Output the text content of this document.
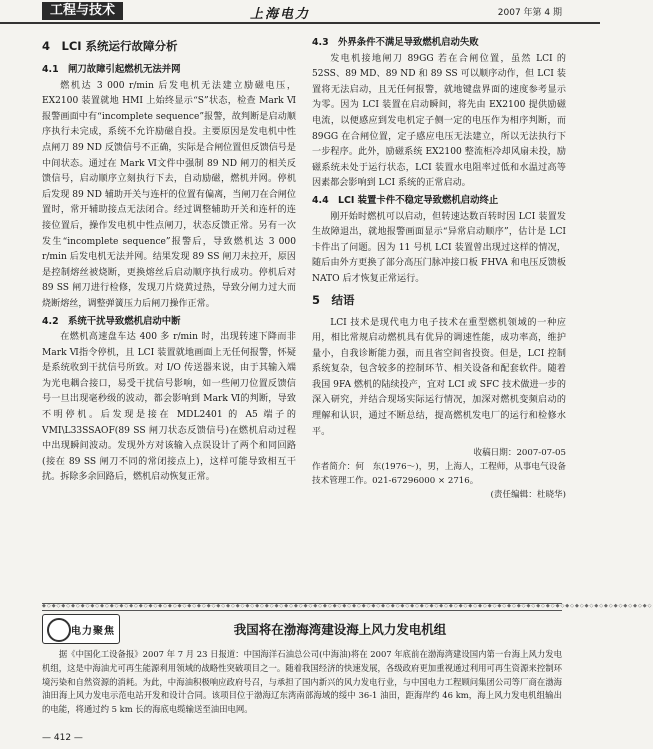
工程与技术	上海电力	2007 年第 4 期
4　LCI 系统运行故障分析
4.1　闸刀故障引起燃机无法并网

燃机达 3 000 r/min 后发电机无法建立励磁电压，EX2100 装置就地 HMI 上始终显示“S”状态，检查 Mark Ⅵ报警画面中有“incomplete sequence”报警，故判断是启动顺序执行未完成，系统不允许励磁自投。主要原因是发电机中性点闸刀 89 ND 反馈信号不正确，实际是合闸位置但反馈信号是中间状态。通过在 Mark Ⅵ文件中强制 89 ND 闸刀的相关反馈信号，启动顺序立刻执行下去，自动励磁，燃机并网。停机后发现 89 ND 辅助开关与连杆的位置有偏离，当闸刀在合闸位置时，常开辅助接点无法闭合。经过调整辅助开关和连杆的连接位置后，操作发电机中性点闸刀，状态反馈正常。另有一次发生“incomplete sequence”报警后，导致燃机达 3 000 r/min 后发电机无法并网。结果发现 89 SS 闸刀未拉开，原因是控制熔丝被烧断，更换熔丝后启动顺序执行成功。停机后对 89 SS 闸刀进行检修，发现刀片烧黄过热，导致分闸力过大而烧断熔丝，调整弹簧压力后闸刀操作正常。

4.2　系统干扰导致燃机启动中断

在燃机高速盘车达 400 多 r/min 时，出现转速下降而非 Mark Ⅵ指令停机，且 LCI 装置就地画面上无任何报警，怀疑是系统收到干扰信号所致。对 I/O 传送器来说，由于其输入端为光电耦合接口，易受干扰信号影响，如一些闸刀位置反馈信号一旦出现毫秒级的波动，都会影响到 Mark Ⅵ的判断，导致不明停机。后发现是接在 MDL2401 的 A5 端子的 VMI\L33SSAOF(89 SS 闸刀状态反馈信号)在燃机启动过程中出现瞬间波动。发现外方对该输入点误设计了两个和同回路(接在 89 SS 闸刀不同的常闭接点上)，这样可能导致相互干扰。拆除多余回路后，燃机启动恢复正常。

4.3　外界条件不满足导致燃机启动失败

发电机接地闸刀 89GG 若在合闸位置，虽然 LCI 的 52SS、89 MD、89 ND 和 89 SS 可以顺序动作，但 LCI 装置将无法启动，且无任何报警，就地键盘界面的速度参考显示为零。因为 LCI 装置在启动瞬间，将先由 EX2100 提供励磁电流，以便感应到发电机定子侧一定的电压作为相序判断，而 89GG 在合闸位置，定子感应电压无法建立，所以无法执行下一步程序。此外，励磁系统 EX2100 整流柜冷却风扇未投，励磁系统未处于运行状态，LCI 装置水电阻率过低和水温过高等因素都会影响到 LCI 系统的正常启动。

4.4　LCI 装置卡件不稳定导致燃机启动终止

刚开始时燃机可以启动，但转速达数百转时因 LCI 装置发生故障退出，就地报警画面显示“异常启动顺序”，估计是 LCI 卡件出了问题。因为 11 号机 LCI 装置曾出现过这样的情况，随后由外方更换了部分高压门脉冲接口板 FHVA 和电压反馈板 NATO 后才恢复正常运行。

5　结语

LCI 技术是现代电力电子技术在重型燃机领域的一种应用，相比常规启动燃机具有优异的调速性能，成功率高，维护量小，自我诊断能力强，而且省空间省投资。但是，LCI 控制系统复杂，包含较多的控制环节、相关设备和配套软件。随着我国 9FA 燃机的陆续投产，宜对 LCI 或 SFC 技术做进一步的深入研究，并结合现场实际运行情况，加深对燃机变频启动的理解和认识，通过不断总结，提高燃机发电厂的运行和检修水平。

收稿日期：2007-07-05
作者简介：何　东(1976～)，男，上海人，工程师，从事电气设备技术管理工作。021-67296000 × 2716。
(责任编辑：杜晓华)
◆◇◆◇◆◇◆◇◆◇◆◇◆◇◆◇◆◇◆◇◆◇◆◇◆◇◆◇◆◇◆◇◆◇◆◇◆◇◆◇◆◇◆◇◆◇◆◇◆◇◆◇◆◇◆◇◆◇◆◇◆◇◆◇◆◇◆◇◆◇◆◇◆◇◆◇◆◇◆◇◆◇◆◇◆◇◆◇◆◇◆◇◆◇◆◇◆◇◆◇◆◇◆◇◆◇◆◇◆◇◆◇◆◇◆◇◆◇◆◇◆◇◆◇◆◇
电力聚焦	我国将在渤海湾建设海上风力发电机组
据《中国化工设备报》2007 年 7 月 23 日报道：中国海洋石油总公司(中海油)将在 2007 年底前在渤海湾建设国内第一台海上风力发电机组，这是中海油尤可再生能源利用领域的战略性突破项目之一。随着我国经济的快速发展，各级政府更加重视通过利用可再生资源来控制环境污染和自然资源的消耗。为此，中海油积极响应政府号召，与承担了国内新兴的风力发电行业，与中国电力工程顾问集团公司等厂商在渤海油田海上风力发电示范电站开发和设计合同。该项目位于渤海辽东湾南部海域的绥中 36-1 油田，距海岸约 46 km，海上风力发电机组输出的电能，将通过约 5 km 长的海底电缆输送至油田电网。
— 412 —
